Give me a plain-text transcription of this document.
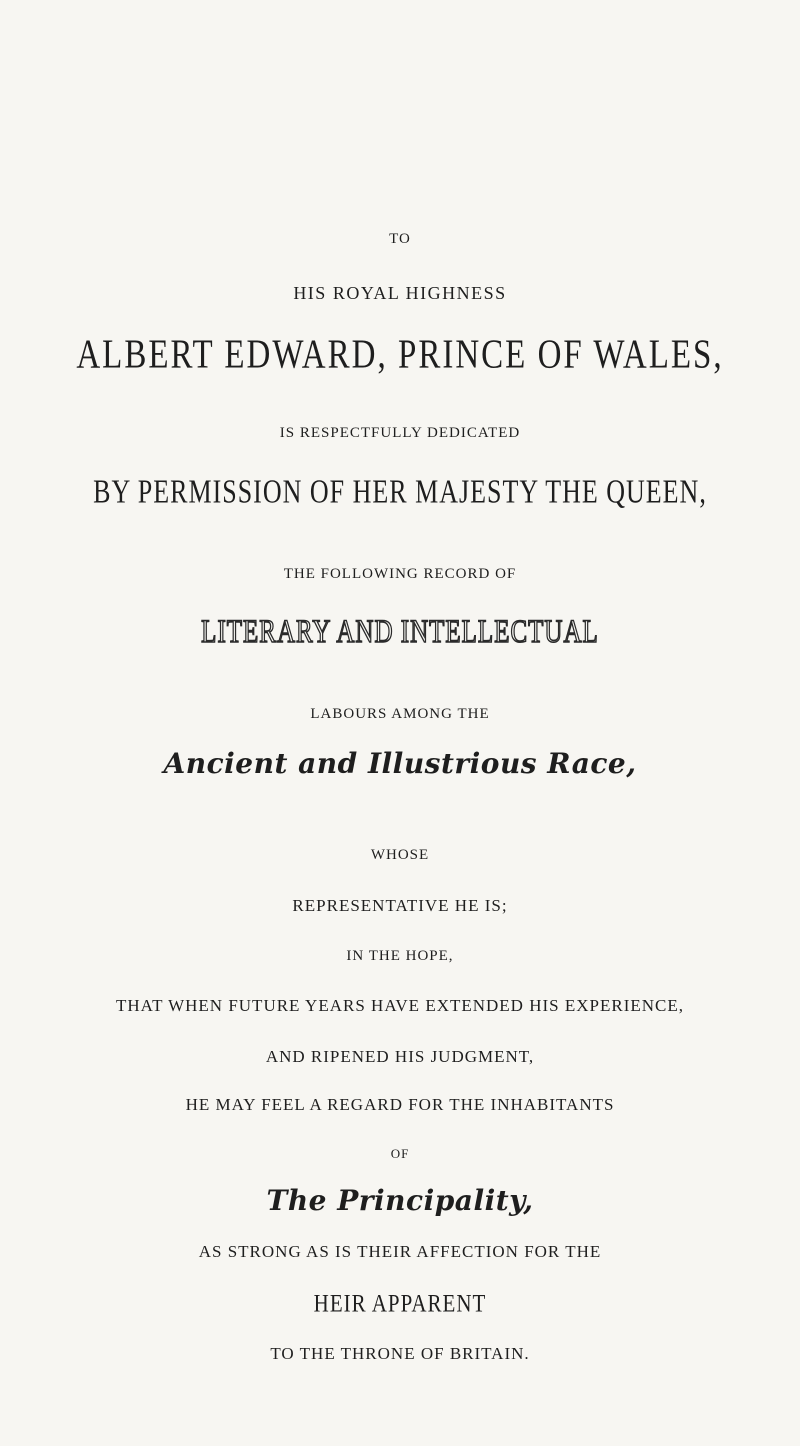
TO
HIS ROYAL HIGHNESS
ALBERT EDWARD, PRINCE OF WALES,
IS RESPECTFULLY DEDICATED
BY PERMISSION OF HER MAJESTY THE QUEEN,
THE FOLLOWING RECORD OF
LITERARY AND INTELLECTUAL
LABOURS AMONG THE
Ancient and Illustrious Race,
WHOSE
REPRESENTATIVE HE IS;
IN THE HOPE,
THAT WHEN FUTURE YEARS HAVE EXTENDED HIS EXPERIENCE,
AND RIPENED HIS JUDGMENT,
HE MAY FEEL A REGARD FOR THE INHABITANTS
OF
The Principality,
AS STRONG AS IS THEIR AFFECTION FOR THE
HEIR APPARENT
TO THE THRONE OF BRITAIN.
